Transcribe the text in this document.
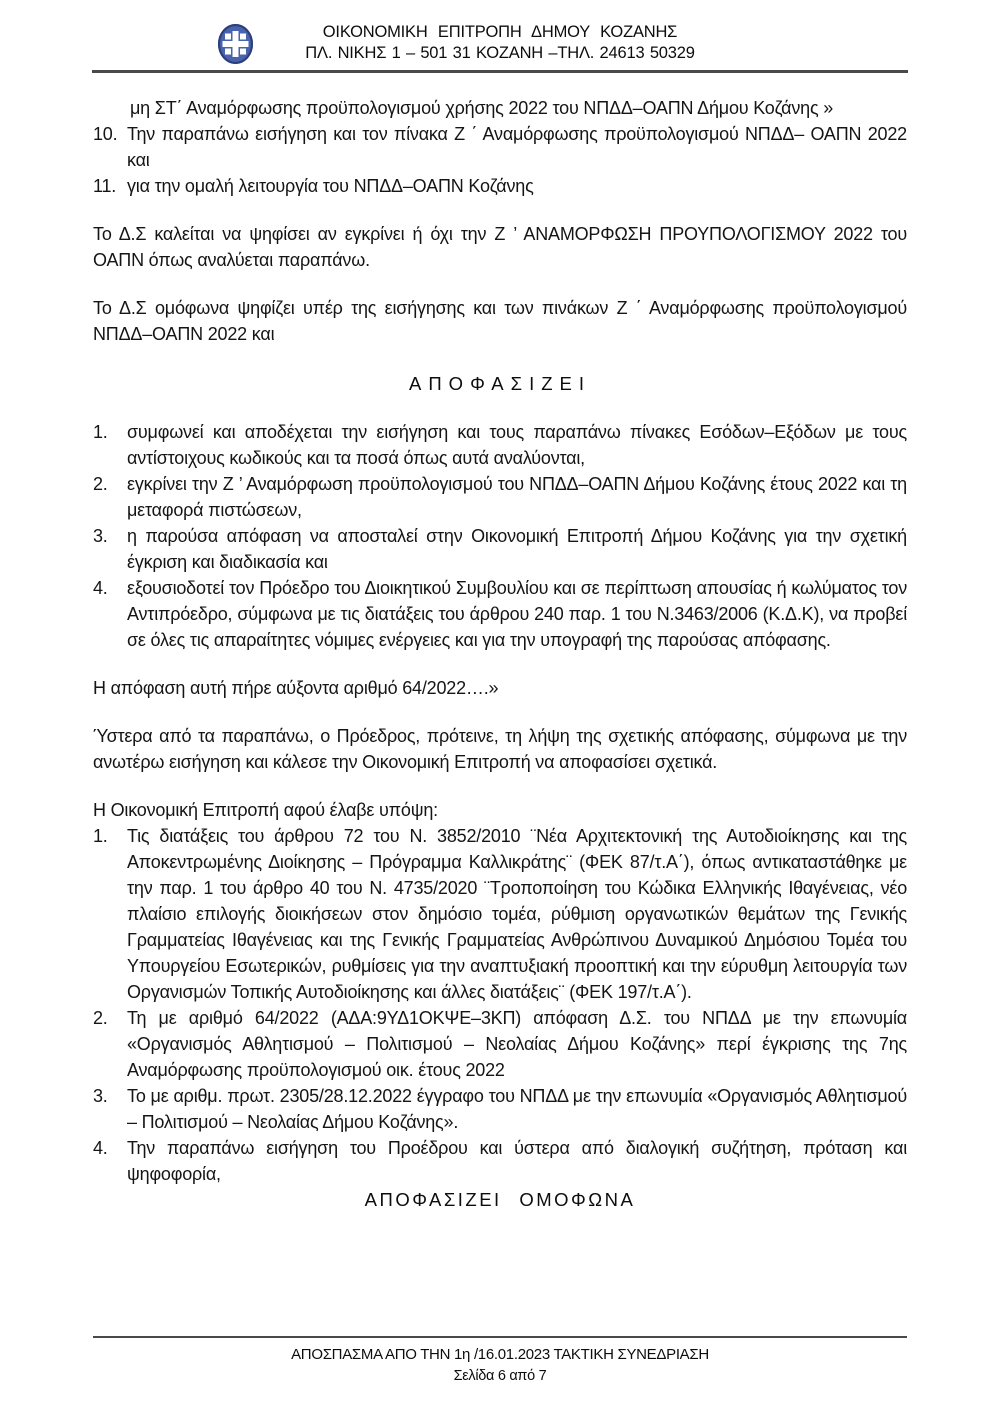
ΟΙΚΟΝΟΜΙΚΗ ΕΠΙΤΡΟΠΗ ΔΗΜΟΥ ΚΟΖΑΝΗΣ
ΠΛ. ΝΙΚΗΣ 1 – 501 31 ΚΟΖΑΝΗ –ΤΗΛ. 24613 50329

μη ΣΤ΄ Αναμόρφωσης προϋπολογισμού χρήσης 2022 του ΝΠΔΔ–ΟΑΠΝ Δήμου Κοζάνης »

10. Την παραπάνω εισήγηση και τον πίνακα Ζ ΄ Αναμόρφωσης προϋπολογισμού ΝΠΔΔ– ΟΑΠΝ 2022 και
11. για την ομαλή λειτουργία του ΝΠΔΔ–ΟΑΠΝ Κοζάνης

Το Δ.Σ καλείται να ψηφίσει αν εγκρίνει ή όχι την Ζ ’ ΑΝΑΜΟΡΦΩΣΗ ΠΡΟΥΠΟΛΟΓΙΣΜΟΥ 2022 του ΟΑΠΝ όπως αναλύεται παραπάνω.

Το Δ.Σ ομόφωνα ψηφίζει υπέρ της εισήγησης και των πινάκων Ζ ΄ Αναμόρφωσης προϋπολογισμού ΝΠΔΔ–ΟΑΠΝ 2022 και

ΑΠΟΦΑΣΙΖΕΙ
1.	συμφωνεί και αποδέχεται την εισήγηση και τους παραπάνω πίνακες Εσόδων–Εξόδων με τους αντίστοιχους κωδικούς και τα ποσά όπως αυτά αναλύονται,
2.	εγκρίνει την Ζ ’ Αναμόρφωση προϋπολογισμού του ΝΠΔΔ–ΟΑΠΝ Δήμου Κοζάνης έτους 2022 και τη μεταφορά πιστώσεων,
3.	η παρούσα απόφαση να αποσταλεί στην Οικονομική Επιτροπή Δήμου Κοζάνης για την σχετική έγκριση και διαδικασία και
4.	εξουσιοδοτεί τον Πρόεδρο του Διοικητικού Συμβουλίου και σε περίπτωση απουσίας ή κωλύματος τον Αντιπρόεδρο, σύμφωνα με τις διατάξεις του άρθρου 240 παρ. 1 του Ν.3463/2006 (Κ.Δ.Κ), να προβεί σε όλες τις απαραίτητες νόμιμες ενέργειες και για την υπογραφή της παρούσας απόφασης.

Η απόφαση αυτή πήρε αύξοντα αριθμό 64/2022….»

Ύστερα από τα παραπάνω, ο Πρόεδρος, πρότεινε, τη λήψη της σχετικής απόφασης, σύμφωνα με την ανωτέρω εισήγηση και κάλεσε την Οικονομική Επιτροπή να αποφασίσει σχετικά.

Η Οικονομική Επιτροπή αφού έλαβε υπόψη:

1.	Τις διατάξεις του άρθρου 72 του Ν. 3852/2010 ¨Νέα Αρχιτεκτονική της Αυτοδιοίκησης και της Αποκεντρωμένης Διοίκησης – Πρόγραμμα Καλλικράτης¨ (ΦΕΚ 87/τ.Α΄), όπως αντικαταστάθηκε με την παρ. 1 του άρθρο 40 του Ν. 4735/2020 ¨Τροποποίηση του Κώδικα Ελληνικής Ιθαγένειας, νέο πλαίσιο επιλογής διοικήσεων στον δημόσιο τομέα, ρύθμιση οργανωτικών θεμάτων της Γενικής Γραμματείας Ιθαγένειας και της Γενικής Γραμματείας Ανθρώπινου Δυναμικού Δημόσιου Τομέα του Υπουργείου Εσωτερικών, ρυθμίσεις για την αναπτυξιακή προοπτική και την εύρυθμη λειτουργία των Οργανισμών Τοπικής Αυτοδιοίκησης και άλλες διατάξεις¨ (ΦΕΚ 197/τ.Α΄).
2.	Τη με αριθμό 64/2022 (ΑΔΑ:9ΥΔ1ΟΚΨΕ–3ΚΠ) απόφαση Δ.Σ. του ΝΠΔΔ με την επωνυμία «Οργανισμός Αθλητισμού – Πολιτισμού – Νεολαίας Δήμου Κοζάνης» περί έγκρισης της 7ης Αναμόρφωσης προϋπολογισμού οικ. έτους 2022
3.	Το με αριθμ. πρωτ. 2305/28.12.2022 έγγραφο του ΝΠΔΔ με την επωνυμία «Οργανισμός Αθλητισμού – Πολιτισμού – Νεολαίας Δήμου Κοζάνης».
4.	Την παραπάνω εισήγηση του Προέδρου και ύστερα από διαλογική συζήτηση, πρόταση και ψηφοφορία,
ΑΠΟΦΑΣΙΖΕΙ ΟΜΟΦΩΝΑ
ΑΠΟΣΠΑΣΜΑ ΑΠΟ ΤΗΝ 1η /16.01.2023 ΤΑΚΤΙΚΗ ΣΥΝΕΔΡΙΑΣΗ
Σελίδα 6 από 7
